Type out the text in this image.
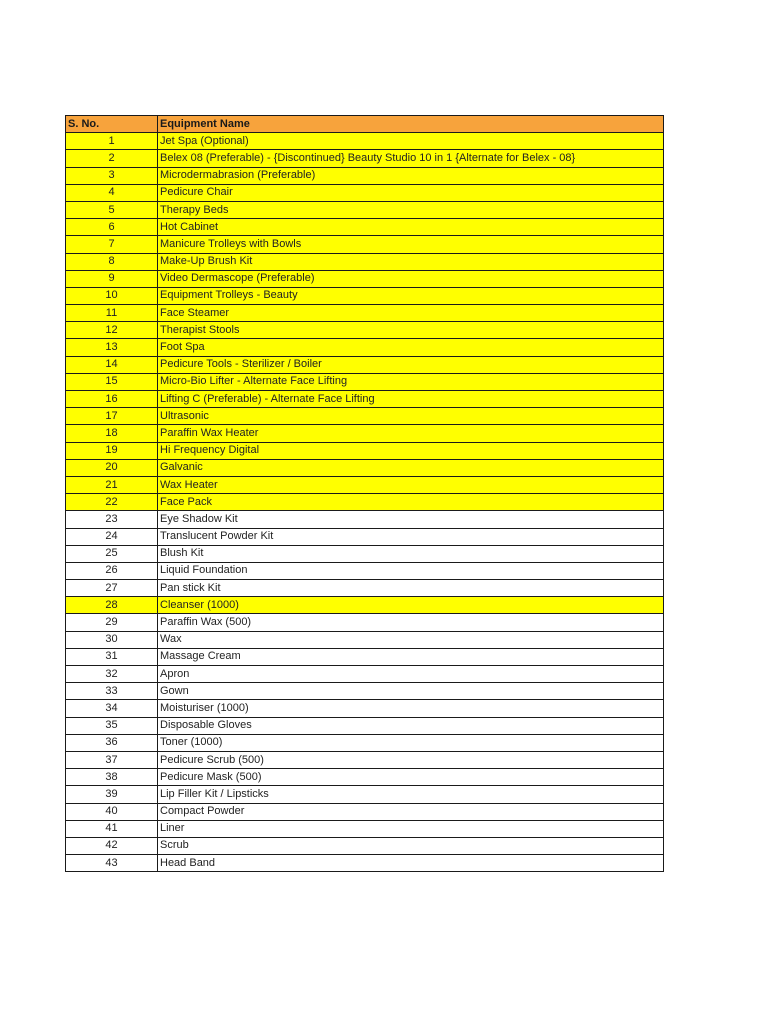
S. No.	Equipment Name
1	Jet Spa (Optional)
2	Belex 08 (Preferable) - {Discontinued} Beauty Studio 10 in 1 {Alternate for Belex - 08}
3	Microdermabrasion (Preferable)
4	Pedicure Chair
5	Therapy Beds
6	Hot Cabinet
7	Manicure Trolleys with Bowls
8	Make-Up Brush Kit
9	Video Dermascope (Preferable)
10	Equipment Trolleys - Beauty
11	Face Steamer
12	Therapist Stools
13	Foot Spa
14	Pedicure Tools - Sterilizer / Boiler
15	Micro-Bio Lifter - Alternate Face Lifting
16	Lifting C (Preferable) - Alternate Face Lifting
17	Ultrasonic
18	Paraffin Wax Heater
19	Hi Frequency Digital
20	Galvanic
21	Wax Heater
22	Face Pack
23	Eye Shadow Kit
24	Translucent Powder Kit
25	Blush Kit
26	Liquid Foundation
27	Pan stick Kit
28	Cleanser (1000)
29	Paraffin Wax (500)
30	Wax
31	Massage Cream
32	Apron
33	Gown
34	Moisturiser (1000)
35	Disposable Gloves
36	Toner (1000)
37	Pedicure Scrub (500)
38	Pedicure Mask (500)
39	Lip Filler Kit / Lipsticks
40	Compact Powder
41	Liner
42	Scrub
43	Head Band
